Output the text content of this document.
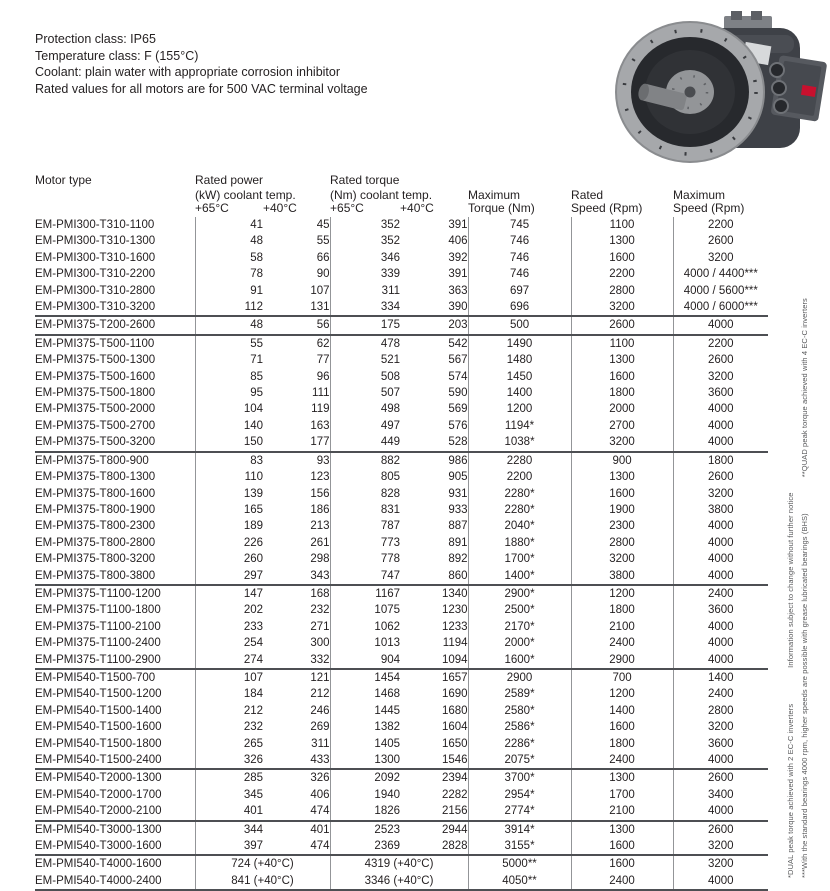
Protection class: IP65
Temperature class: F (155°C)
Coolant: plain water with appropriate corrosion inhibitor
Rated values for all motors are for 500 VAC terminal voltage
Motor type	Rated power		Rated torque				
	(kW) coolant temp.		(Nm) coolant temp.		Maximum	Rated	Maximum
	+65°C	+40°C	+65°C	+40°C	Torque (Nm)	Speed (Rpm)	Speed (Rpm)
EM-PMI300-T310-1100	41	45	352	391	745	1100	2200
EM-PMI300-T310-1300	48	55	352	406	746	1300	2600
EM-PMI300-T310-1600	58	66	346	392	746	1600	3200
EM-PMI300-T310-2200	78	90	339	391	746	2200	4000 / 4400***
EM-PMI300-T310-2800	91	107	311	363	697	2800	4000 / 5600***
EM-PMI300-T310-3200	112	131	334	390	696	3200	4000 / 6000***
EM-PMI375-T200-2600	48	56	175	203	500	2600	4000
EM-PMI375-T500-1100	55	62	478	542	1490	1100	2200
EM-PMI375-T500-1300	71	77	521	567	1480	1300	2600
EM-PMI375-T500-1600	85	96	508	574	1450	1600	3200
EM-PMI375-T500-1800	95	111	507	590	1400	1800	3600
EM-PMI375-T500-2000	104	119	498	569	1200	2000	4000
EM-PMI375-T500-2700	140	163	497	576	1194*	2700	4000
EM-PMI375-T500-3200	150	177	449	528	1038*	3200	4000
EM-PMI375-T800-900	83	93	882	986	2280	900	1800
EM-PMI375-T800-1300	110	123	805	905	2200	1300	2600
EM-PMI375-T800-1600	139	156	828	931	2280*	1600	3200
EM-PMI375-T800-1900	165	186	831	933	2280*	1900	3800
EM-PMI375-T800-2300	189	213	787	887	2040*	2300	4000
EM-PMI375-T800-2800	226	261	773	891	1880*	2800	4000
EM-PMI375-T800-3200	260	298	778	892	1700*	3200	4000
EM-PMI375-T800-3800	297	343	747	860	1400*	3800	4000
EM-PMI375-T1100-1200	147	168	1167	1340	2900*	1200	2400
EM-PMI375-T1100-1800	202	232	1075	1230	2500*	1800	3600
EM-PMI375-T1100-2100	233	271	1062	1233	2170*	2100	4000
EM-PMI375-T1100-2400	254	300	1013	1194	2000*	2400	4000
EM-PMI375-T1100-2900	274	332	904	1094	1600*	2900	4000
EM-PMI540-T1500-700	107	121	1454	1657	2900	700	1400
EM-PMI540-T1500-1200	184	212	1468	1690	2589*	1200	2400
EM-PMI540-T1500-1400	212	246	1445	1680	2580*	1400	2800
EM-PMI540-T1500-1600	232	269	1382	1604	2586*	1600	3200
EM-PMI540-T1500-1800	265	311	1405	1650	2286*	1800	3600
EM-PMI540-T1500-2400	326	433	1300	1546	2075*	2400	4000
EM-PMI540-T2000-1300	285	326	2092	2394	3700*	1300	2600
EM-PMI540-T2000-1700	345	406	1940	2282	2954*	1700	3400
EM-PMI540-T2000-2100	401	474	1826	2156	2774*	2100	4000
EM-PMI540-T3000-1300	344	401	2523	2944	3914*	1300	2600
EM-PMI540-T3000-1600	397	474	2369	2828	3155*	1600	3200
EM-PMI540-T4000-1600	724 (+40°C)		4319 (+40°C)		5000**	1600	3200
EM-PMI540-T4000-2400	841 (+40°C)		3346 (+40°C)		4050**	2400	4000
***With the standard bearings 4000 rpm, higher speeds are possible with grease lubricated bearings (BHS)**QUAD peak torque achieved with 4 EC-C inverters
*DUAL peak torque achieved with 2 EC-C invertersInformation subject to change without further notice
